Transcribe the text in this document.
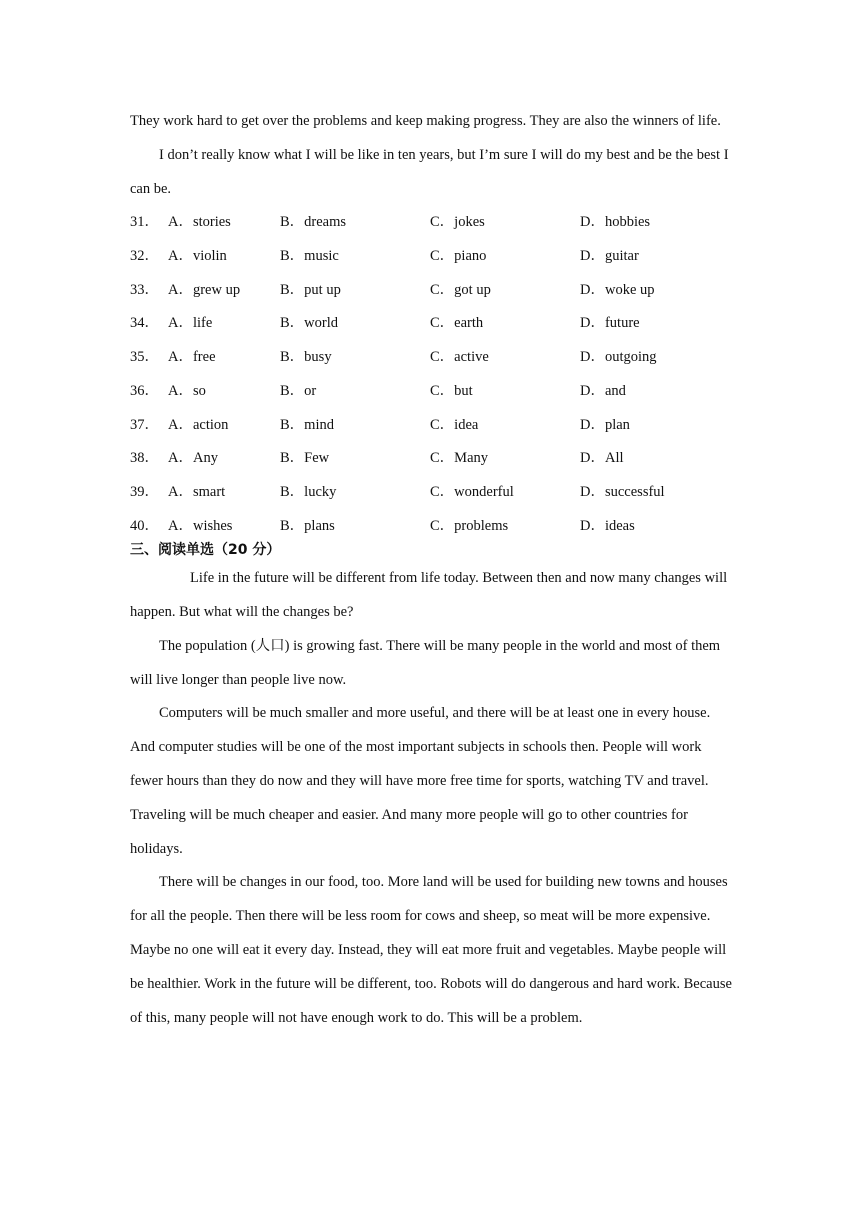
They work hard to get over the problems and keep making progress. They are also the winners of life.

I don’t really know what I will be like in ten years, but I’m sure I will do my best and be the best I can be.

31． A．stories	B．dreams	C．jokes	D．hobbies
32． A．violin	B．music	C．piano	D．guitar
33． A．grew up	B．put up	C．got up	D．woke up
34． A．life	B．world	C．earth	D．future
35． A．free	B．busy	C．active	D．outgoing
36． A．so	B．or	C．but	D．and
37． A．action	B．mind	C．idea	D．plan
38． A．Any	B．Few	C．Many	D．All
39． A．smart	B．lucky	C．wonderful	D．successful
40． A．wishes	B．plans	C．problems	D．ideas

三、阅读单选（20 分）

Life in the future will be different from life today. Between then and now many changes will happen. But what will the changes be?

The population (人口) is growing fast. There will be many people in the world and most of them will live longer than people live now.

Computers will be much smaller and more useful, and there will be at least one in every house. And computer studies will be one of the most important subjects in schools then. People will work fewer hours than they do now and they will have more free time for sports, watching TV and travel. Traveling will be much cheaper and easier. And many more people will go to other countries for holidays.

There will be changes in our food, too. More land will be used for building new towns and houses for all the people. Then there will be less room for cows and sheep, so meat will be more expensive. Maybe no one will eat it every day. Instead, they will eat more fruit and vegetables. Maybe people will be healthier. Work in the future will be different, too. Robots will do dangerous and hard work. Because of this, many people will not have enough work to do. This will be a problem.
